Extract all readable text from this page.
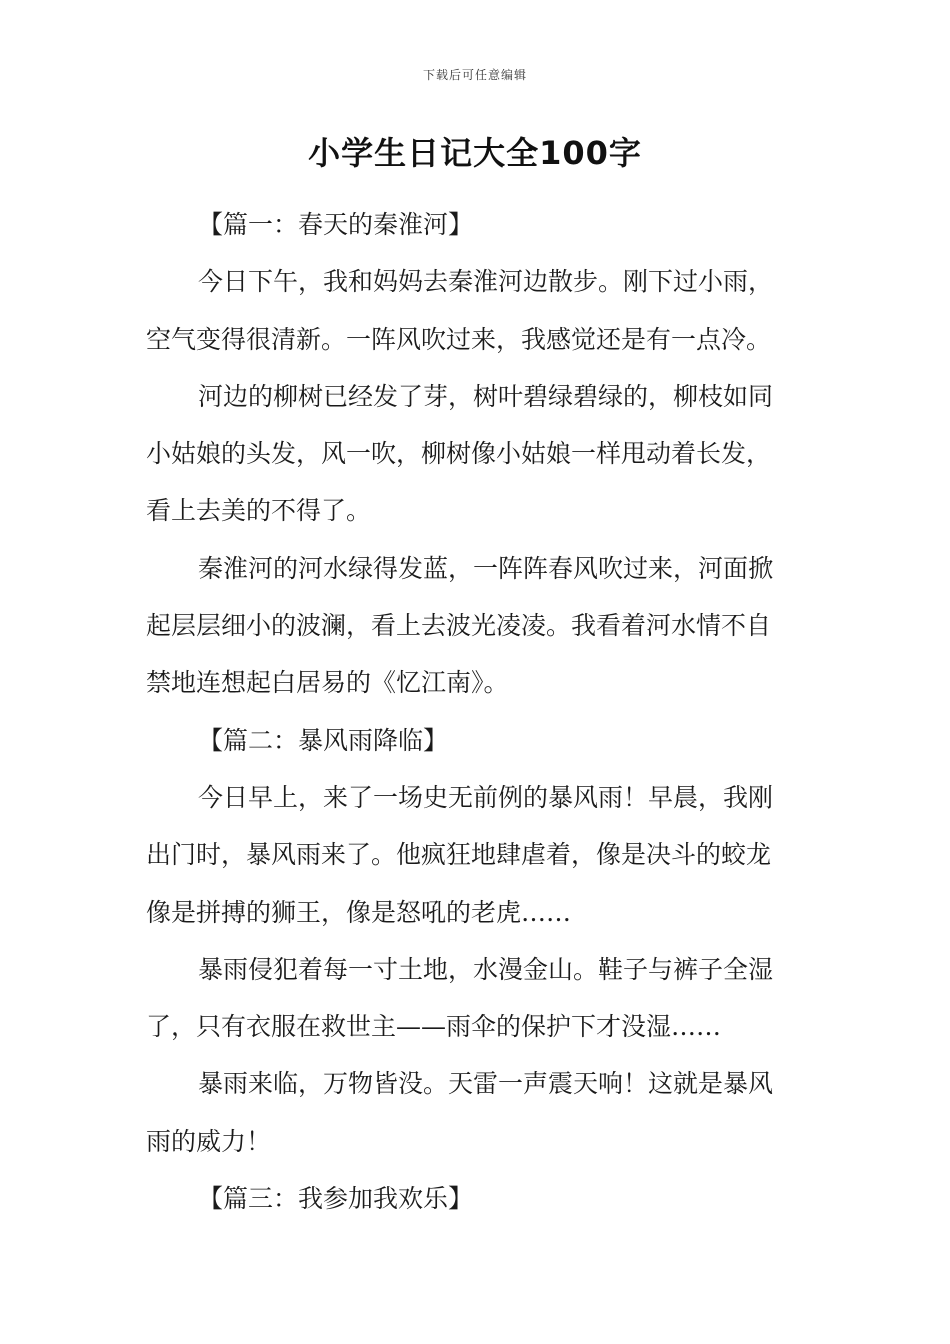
下载后可任意编辑
小学生日记大全100字
【篇一：春天的秦淮河】
今日下午，我和妈妈去秦淮河边散步。刚下过小雨，
空气变得很清新。一阵风吹过来，我感觉还是有一点冷。
河边的柳树已经发了芽，树叶碧绿碧绿的，柳枝如同
小姑娘的头发，风一吹，柳树像小姑娘一样甩动着长发，
看上去美的不得了。
秦淮河的河水绿得发蓝，一阵阵春风吹过来，河面掀
起层层细小的波澜，看上去波光凌凌。我看着河水情不自
禁地连想起白居易的《忆江南》。
【篇二：暴风雨降临】
今日早上，来了一场史无前例的暴风雨！早晨，我刚
出门时，暴风雨来了。他疯狂地肆虐着，像是决斗的蛟龙
像是拼搏的狮王，像是怒吼的老虎……
暴雨侵犯着每一寸土地，水漫金山。鞋子与裤子全湿
了，只有衣服在救世主——雨伞的保护下才没湿……
暴雨来临，万物皆没。天雷一声震天响！这就是暴风
雨的威力！
【篇三：我参加我欢乐】
